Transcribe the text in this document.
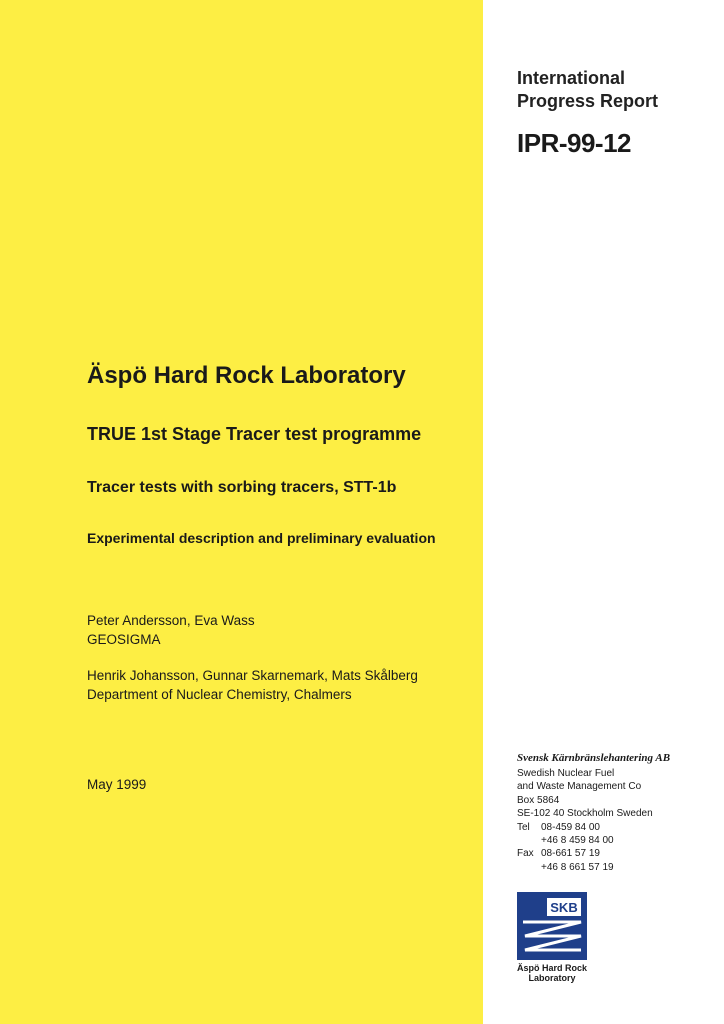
International
Progress Report
IPR-99-12
Äspö Hard Rock Laboratory
TRUE 1st Stage Tracer test programme
Tracer tests with sorbing tracers, STT-1b
Experimental description and preliminary evaluation
Peter Andersson, Eva Wass
GEOSIGMA
Henrik Johansson, Gunnar Skarnemark, Mats Skålberg
Department of Nuclear Chemistry, Chalmers
May 1999
Svensk Kärnbränslehantering AB
Swedish Nuclear Fuel
and Waste Management Co
Box 5864
SE-102 40 Stockholm Sweden
Tel	08-459 84 00
+46 8 459 84 00
Fax 08-661 57 19
+46 8 661 57 19
SKB
Äspö Hard Rock
Laboratory
